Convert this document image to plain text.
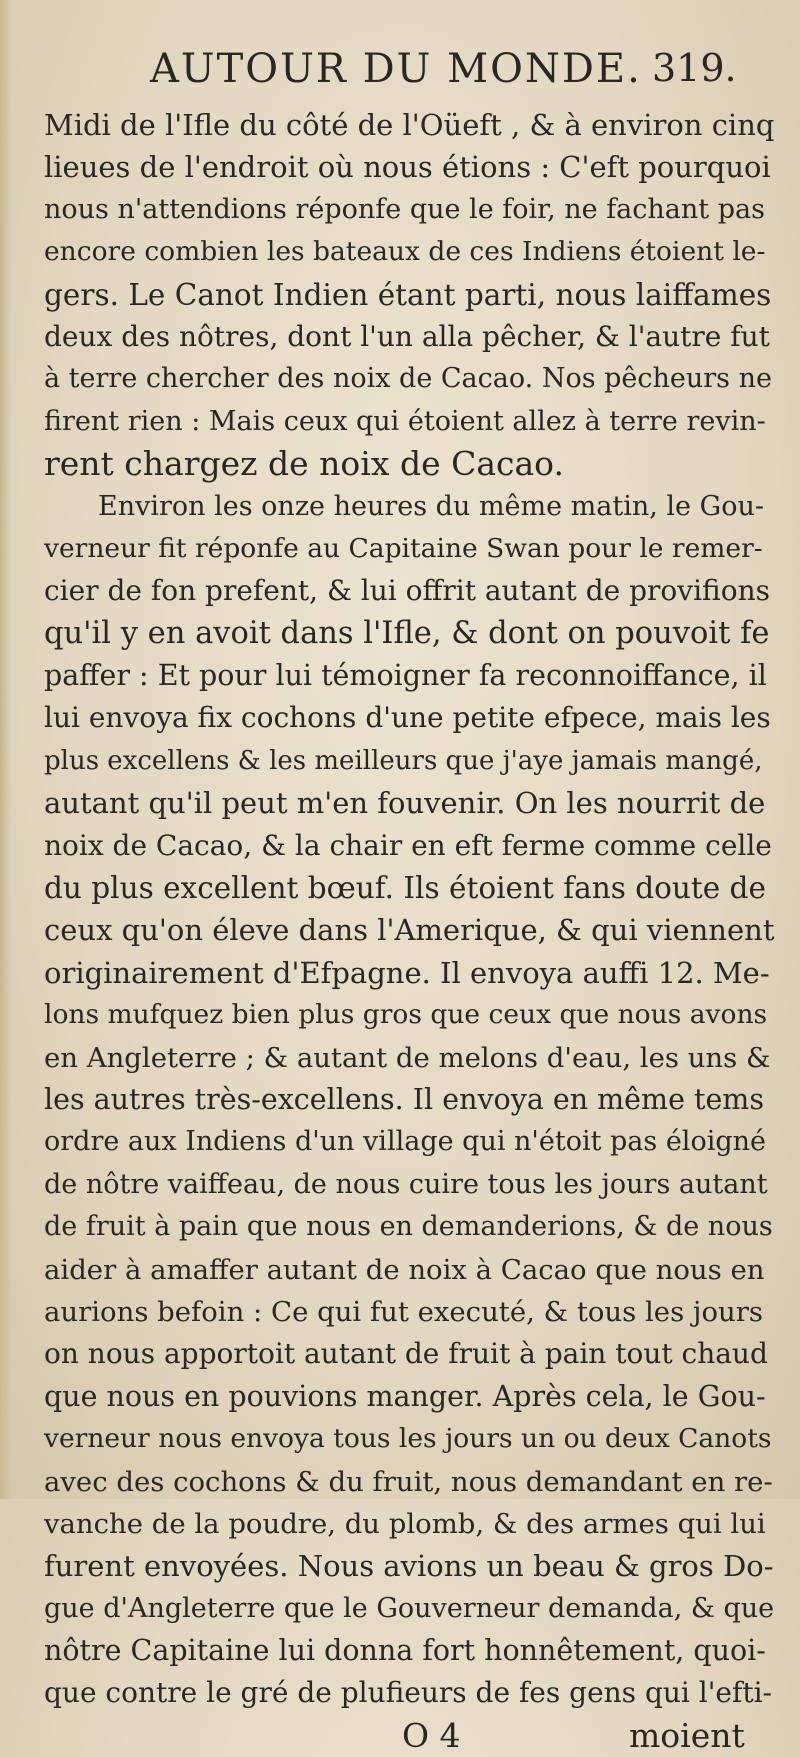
AUTOUR DU MONDE. 319.
Midi de l'Ifle du côté de l'Oüeft , & à environ cinq
lieues de l'endroit où nous étions : C'eft pourquoi
nous n'attendions réponfe que le foir, ne fachant pas
encore combien les bateaux de ces Indiens étoient le-
gers. Le Canot Indien étant parti, nous laiffames
deux des nôtres, dont l'un alla pêcher, & l'autre fut
à terre chercher des noix de Cacao. Nos pêcheurs ne
firent rien : Mais ceux qui étoient allez à terre revin-
rent chargez de noix de Cacao.
Environ les onze heures du même matin, le Gou-
verneur fit réponfe au Capitaine Swan pour le remer-
cier de fon prefent, & lui offrit autant de provifions
qu'il y en avoit dans l'Ifle, & dont on pouvoit fe
paffer : Et pour lui témoigner fa reconnoiffance, il
lui envoya fix cochons d'une petite efpece, mais les
plus excellens & les meilleurs que j'aye jamais mangé,
autant qu'il peut m'en fouvenir. On les nourrit de
noix de Cacao, & la chair en eft ferme comme celle
du plus excellent bœuf. Ils étoient fans doute de
ceux qu'on éleve dans l'Amerique, & qui viennent
originairement d'Efpagne. Il envoya auffi 12. Me-
lons mufquez bien plus gros que ceux que nous avons
en Angleterre ; & autant de melons d'eau, les uns &
les autres très-excellens. Il envoya en même tems
ordre aux Indiens d'un village qui n'étoit pas éloigné
de nôtre vaiffeau, de nous cuire tous les jours autant
de fruit à pain que nous en demanderions, & de nous
aider à amaffer autant de noix à Cacao que nous en
aurions befoin : Ce qui fut executé, & tous les jours
on nous apportoit autant de fruit à pain tout chaud
que nous en pouvions manger. Après cela, le Gou-
verneur nous envoya tous les jours un ou deux Canots
avec des cochons & du fruit, nous demandant en re-
vanche de la poudre, du plomb, & des armes qui lui
furent envoyées. Nous avions un beau & gros Do-
gue d'Angleterre que le Gouverneur demanda, & que
nôtre Capitaine lui donna fort honnêtement, quoi-
que contre le gré de plufieurs de fes gens qui l'efti-
O 4	moient
